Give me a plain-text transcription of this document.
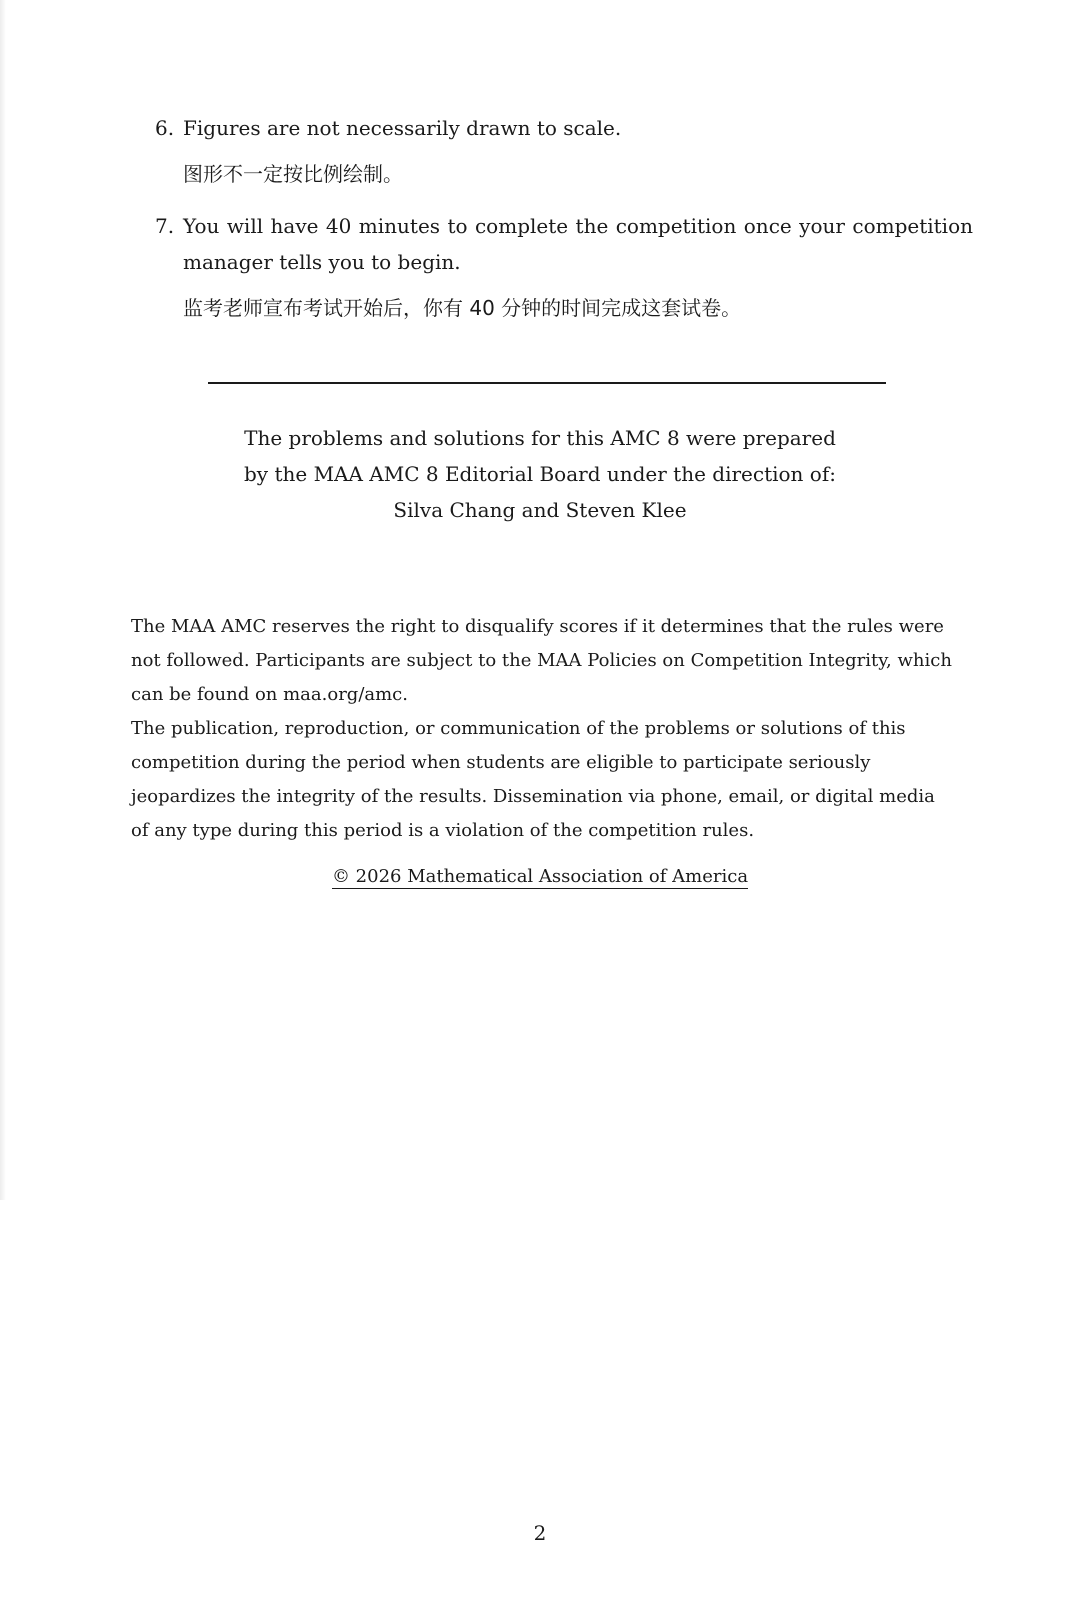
6. Figures are not necessarily drawn to scale.
图形不一定按比例绘制。
7. You will have 40 minutes to complete the competition once your competition manager tells you to begin.
监考老师宣布考试开始后，你有 40 分钟的时间完成这套试卷。
The problems and solutions for this AMC 8 were prepared
by the MAA AMC 8 Editorial Board under the direction of:
Silva Chang and Steven Klee

The MAA AMC reserves the right to disqualify scores if it determines that the rules were not followed. Participants are subject to the MAA Policies on Competition Integrity, which can be found on maa.org/amc.

The publication, reproduction, or communication of the problems or solutions of this competition during the period when students are eligible to participate seriously jeopardizes the integrity of the results. Dissemination via phone, email, or digital media of any type during this period is a violation of the competition rules.

© 2026 Mathematical Association of America
2
